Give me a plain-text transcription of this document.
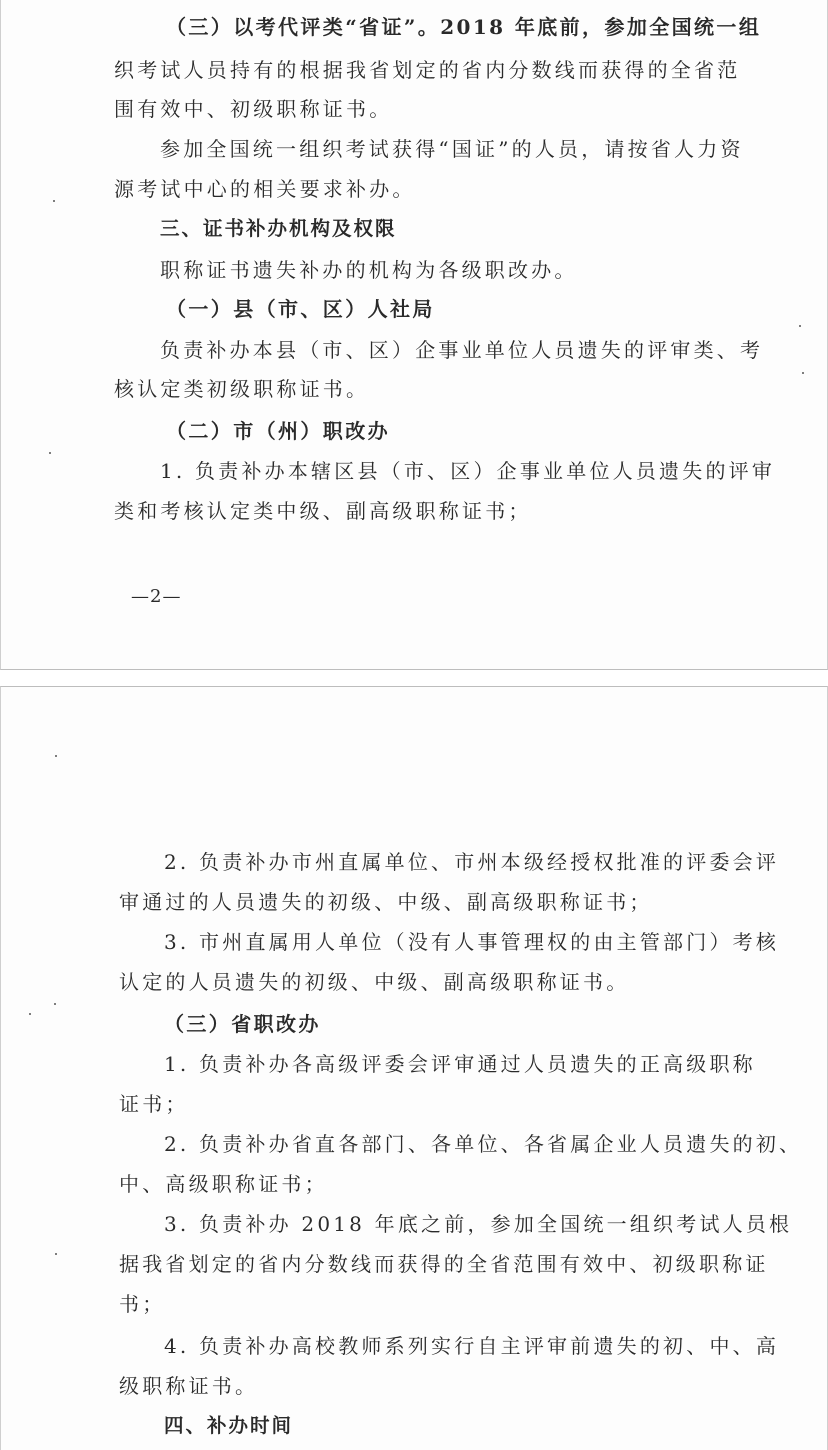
（三）以考代评类“省证”。2018 年底前，参加全国统一组
织考试人员持有的根据我省划定的省内分数线而获得的全省范
围有效中、初级职称证书。
参加全国统一组织考试获得“国证”的人员，请按省人力资
源考试中心的相关要求补办。
三、证书补办机构及权限
职称证书遗失补办的机构为各级职改办。
（一）县（市、区）人社局
负责补办本县（市、区）企事业单位人员遗失的评审类、考
核认定类初级职称证书。
（二）市（州）职改办
1. 负责补办本辖区县（市、区）企事业单位人员遗失的评审
类和考核认定类中级、副高级职称证书；
—2—
2. 负责补办市州直属单位、市州本级经授权批准的评委会评
审通过的人员遗失的初级、中级、副高级职称证书；
3. 市州直属用人单位（没有人事管理权的由主管部门）考核
认定的人员遗失的初级、中级、副高级职称证书。
（三）省职改办
1. 负责补办各高级评委会评审通过人员遗失的正高级职称
证书；
2. 负责补办省直各部门、各单位、各省属企业人员遗失的初、
中、高级职称证书；
3. 负责补办 2018 年底之前，参加全国统一组织考试人员根
据我省划定的省内分数线而获得的全省范围有效中、初级职称证
书；
4. 负责补办高校教师系列实行自主评审前遗失的初、中、高
级职称证书。
四、补办时间
